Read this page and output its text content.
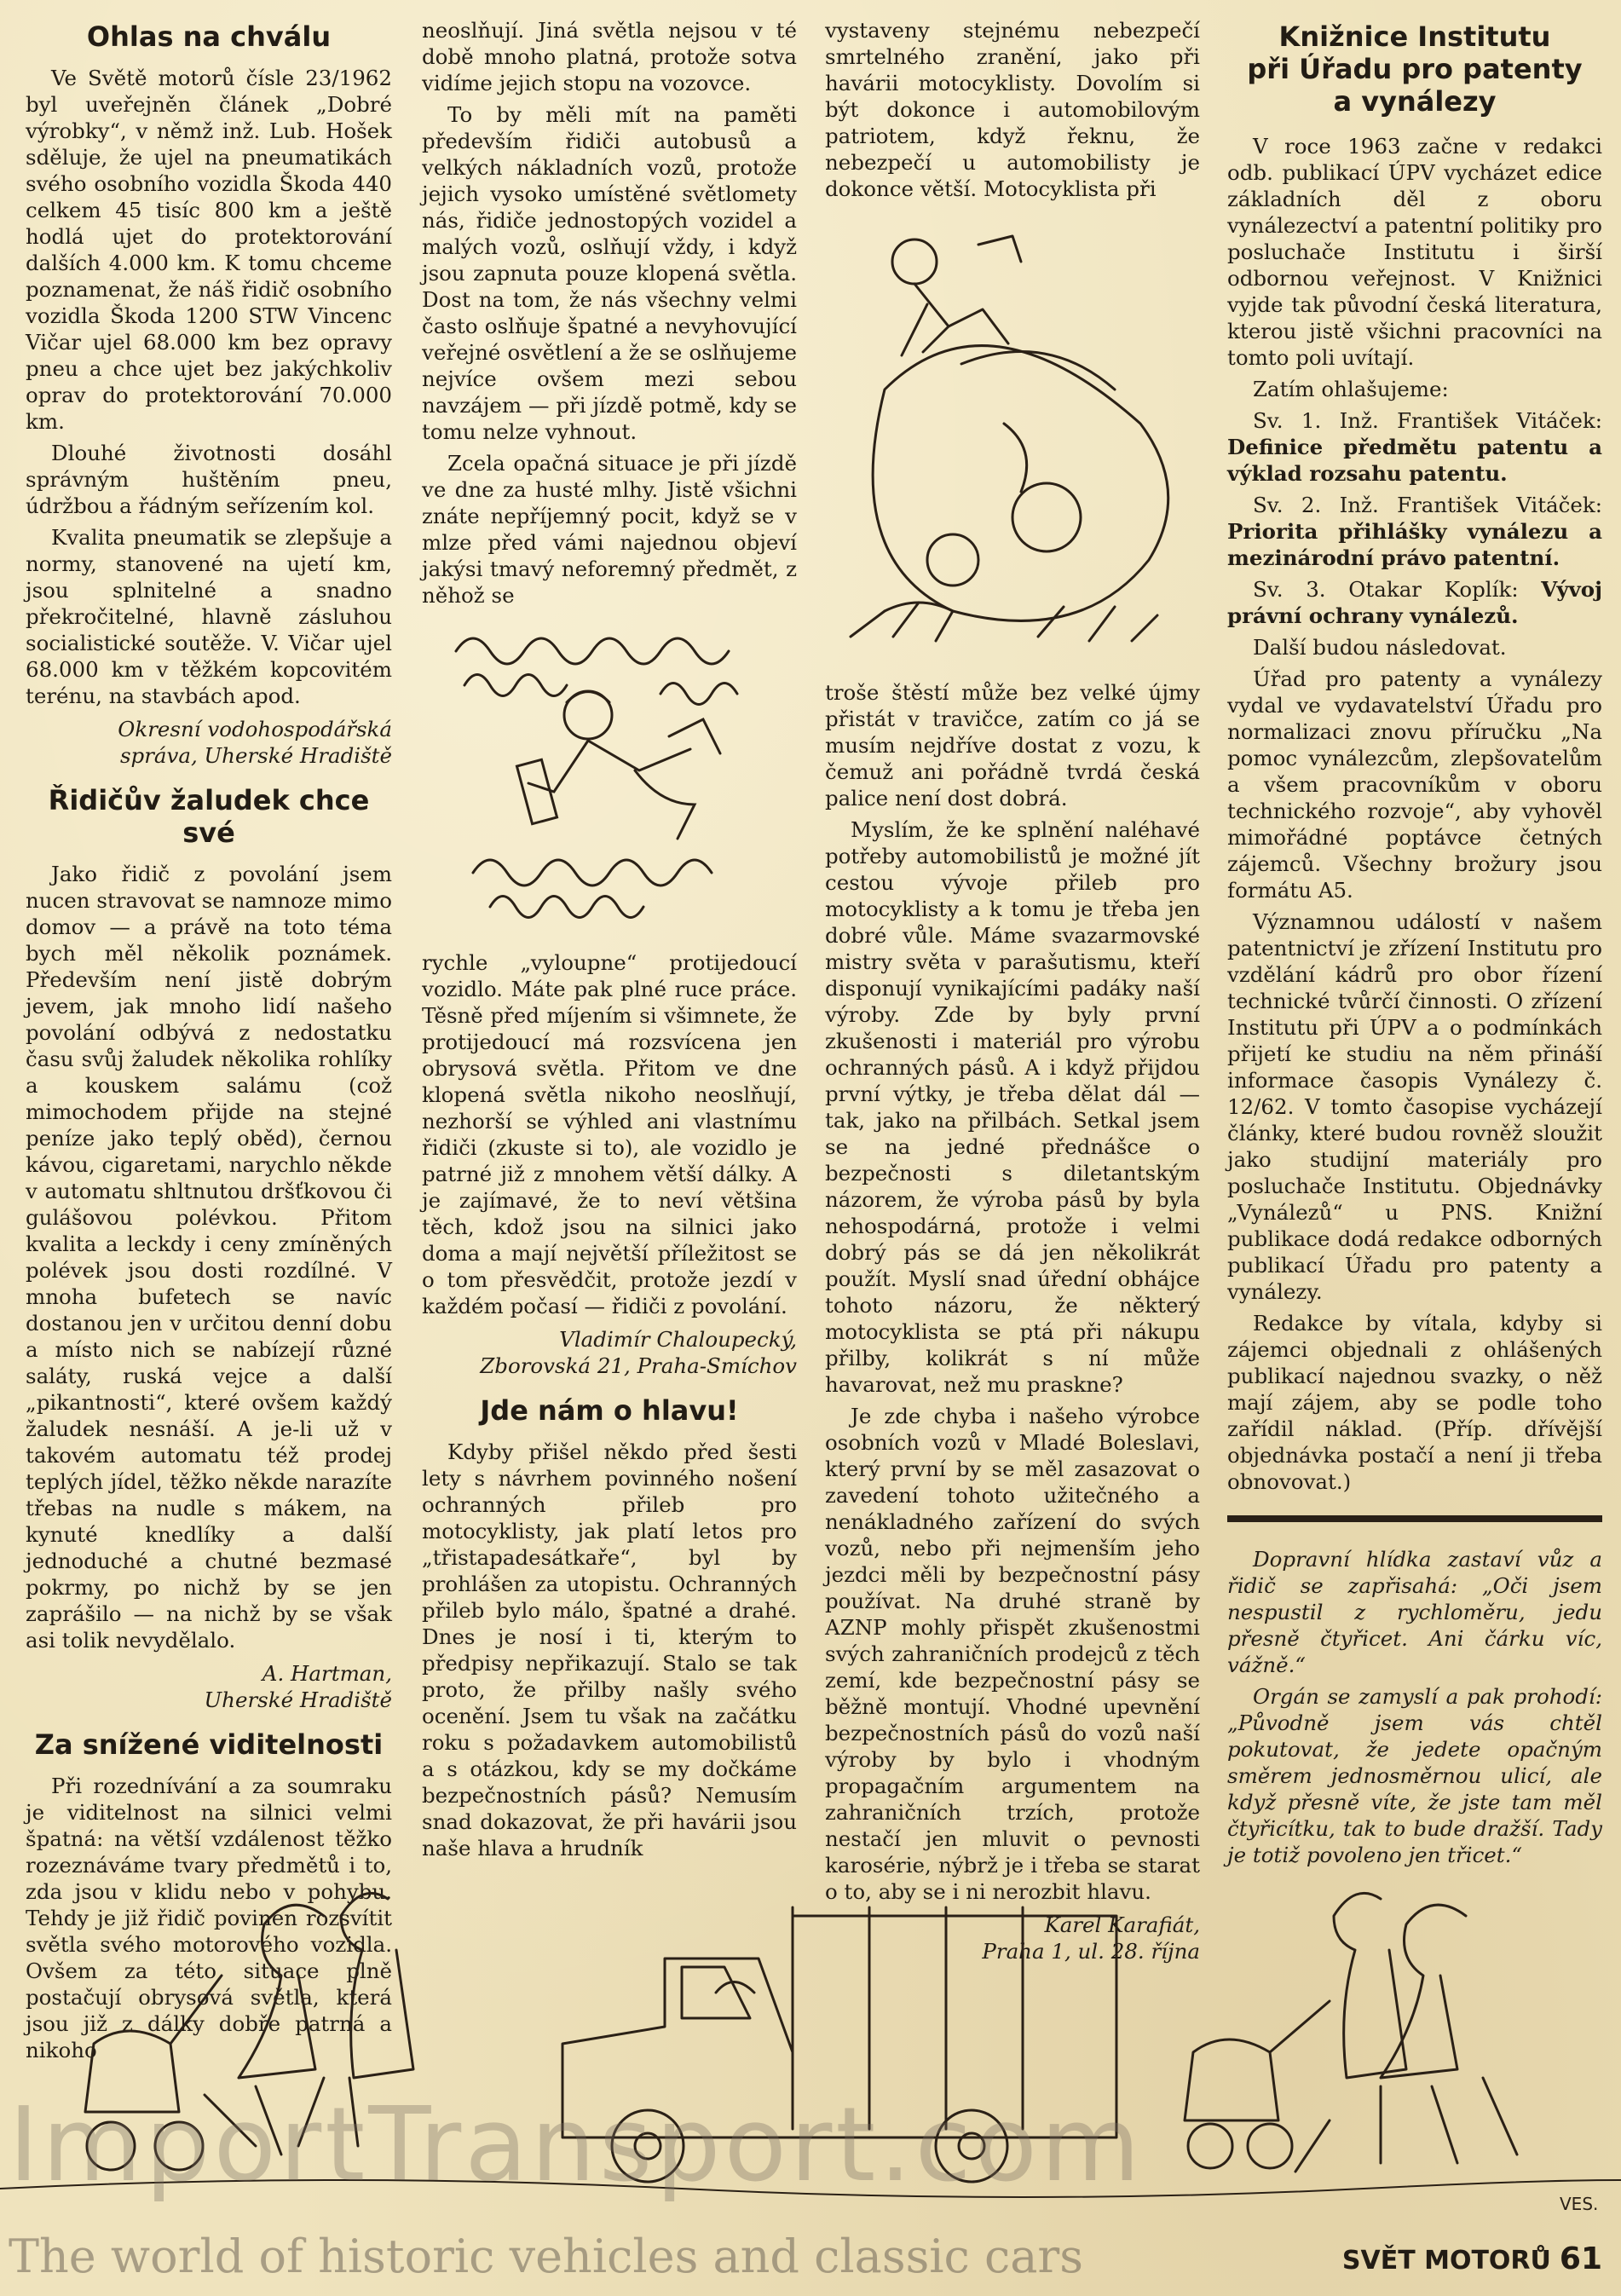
Ohlas na chválu

Ve Světě motorů čísle 23/1962 byl uveřejněn článek „Dobré výrobky“, v němž inž. Lub. Hošek sděluje, že ujel na pneumatikách svého osobního vozidla Škoda 440 celkem 45 tisíc 800 km a ještě hodlá ujet do protektorování dalších 4.000 km. K tomu chceme poznamenat, že náš řidič osobního vozidla Škoda 1200 STW Vincenc Vičar ujel 68.000 km bez opravy pneu a chce ujet bez jakýchkoliv oprav do protektorování 70.000 km.

Dlouhé životnosti dosáhl správným huštěním pneu, údržbou a řádným seřízením kol.

Kvalita pneumatik se zlepšuje a normy, stanovené na ujetí km, jsou splnitelné a snadno překročitelné, hlavně zásluhou socialistické soutěže. V. Vičar ujel 68.000 km v těžkém kopcovitém terénu, na stavbách apod.

Okresní vodohospodářská
správa, Uherské Hradiště

Řidičův žaludek chce své

Jako řidič z povolání jsem nucen stravovat se namnoze mimo domov — a právě na toto téma bych měl několik poznámek. Především není jistě dobrým jevem, jak mnoho lidí našeho povolání odbývá z nedostatku času svůj žaludek několika rohlíky a kouskem salámu (což mimochodem přijde na stejné peníze jako teplý oběd), černou kávou, cigaretami, narychlo někde v automatu shltnutou dršťkovou či gulášovou polévkou. Přitom kvalita a leckdy i ceny zmíněných polévek jsou dosti rozdílné. V mnoha bufetech se navíc dostanou jen v určitou denní dobu a místo nich se nabízejí různé saláty, ruská vejce a další „pikantnosti“, které ovšem každý žaludek nesnáší. A je-li už v takovém automatu též prodej teplých jídel, těžko někde narazíte třebas na nudle s mákem, na kynuté knedlíky a další jednoduché a chutné bezmasé pokrmy, po nichž by se jen zaprášilo — na nichž by se však asi tolik nevydělalo.

A. Hartman,
Uherské Hradiště

Za snížené viditelnosti

Při rozednívání a za soumraku je viditelnost na silnici velmi špatná: na větší vzdálenost těžko rozeznáváme tvary předmětů i to, zda jsou v klidu nebo v pohybu. Tehdy je již řidič povinen rozsvítit světla svého motorového vozidla. Ovšem za této situace plně postačují obrysová světla, která jsou již z dálky dobře patrná a nikoho

neoslňují. Jiná světla nejsou v té době mnoho platná, protože sotva vidíme jejich stopu na vozovce.

To by měli mít na paměti především řidiči autobusů a velkých nákladních vozů, protože jejich vysoko umístěné světlomety nás, řidiče jednostopých vozidel a malých vozů, oslňují vždy, i když jsou zapnuta pouze klopená světla. Dost na tom, že nás všechny velmi často oslňuje špatné a nevyhovující veřejné osvětlení a že se oslňujeme nejvíce ovšem mezi sebou navzájem — při jízdě potmě, kdy se tomu nelze vyhnout.

Zcela opačná situace je při jízdě ve dne za husté mlhy. Jistě všichni znáte nepříjemný pocit, když se v mlze před vámi najednou objeví jakýsi tmavý neforemný předmět, z něhož se

rychle „vyloupne“ protijedoucí vozidlo. Máte pak plné ruce práce. Těsně před míjením si všimnete, že protijedoucí má rozsvícena jen obrysová světla. Přitom ve dne klopená světla nikoho neoslňují, nezhorší se výhled ani vlastnímu řidiči (zkuste si to), ale vozidlo je patrné již z mnohem větší dálky. A je zajímavé, že to neví většina těch, kdož jsou na silnici jako doma a mají největší příležitost se o tom přesvědčit, protože jezdí v každém počasí — řidiči z povolání.

Vladimír Chaloupecký,
Zborovská 21, Praha-Smíchov

Jde nám o hlavu!

Kdyby přišel někdo před šesti lety s návrhem povinného nošení ochranných přileb pro motocyklisty, jak platí letos pro „třistapadesátkaře“, byl by prohlášen za utopistu. Ochranných přileb bylo málo, špatné a drahé. Dnes je nosí i ti, kterým to předpisy nepřikazují. Stalo se tak proto, že přilby našly svého ocenění. Jsem tu však na začátku roku s požadavkem automobilistů a s otázkou, kdy se my dočkáme bezpečnostních pásů? Nemusím snad dokazovat, že při havárii jsou naše hlava a hrudník

vystaveny stejnému nebezpečí smrtelného zranění, jako při havárii motocyklisty. Dovolím si být dokonce i automobilovým patriotem, když řeknu, že nebezpečí u automobilisty je dokonce větší. Motocyklista při

troše štěstí může bez velké újmy přistát v travičce, zatím co já se musím nejdříve dostat z vozu, k čemuž ani pořádně tvrdá česká palice není dost dobrá.

Myslím, že ke splnění naléhavé potřeby automobilistů je možné jít cestou vývoje přileb pro motocyklisty a k tomu je třeba jen dobré vůle. Máme svazarmovské mistry světa v parašutismu, kteří disponují vynikajícími padáky naší výroby. Zde by byly první zkušenosti i materiál pro výrobu ochranných pásů. A i když přijdou první výtky, je třeba dělat dál — tak, jako na přilbách. Setkal jsem se na jedné přednášce o bezpečnosti s diletantským názorem, že výroba pásů by byla nehospodárná, protože i velmi dobrý pás se dá jen několikrát použít. Myslí snad úřední obhájce tohoto názoru, že některý motocyklista se ptá při nákupu přilby, kolikrát s ní může havarovat, než mu praskne?

Je zde chyba i našeho výrobce osobních vozů v Mladé Boleslavi, který první by se měl zasazovat o zavedení tohoto užitečného a nenákladného zařízení do svých vozů, nebo při nejmenším jeho jezdci měli by bezpečnostní pásy používat. Na druhé straně by AZNP mohly přispět zkušenostmi svých zahraničních prodejců z těch zemí, kde bezpečnostní pásy se běžně montují. Vhodné upevnění bezpečnostních pásů do vozů naší výroby by bylo i vhodným propagačním argumentem na zahraničních trzích, protože nestačí jen mluvit o pevnosti karosérie, nýbrž je i třeba se starat o to, aby se i ni nerozbit hlavu.

Karel Karafiát,
Praha 1, ul. 28. října

Knižnice Institutu
při Úřadu pro patenty
a vynálezy

V roce 1963 začne v redakci odb. publikací ÚPV vycházet edice základních děl z oboru vynálezectví a patentní politiky pro posluchače Institutu i širší odbornou veřejnost. V Knižnici vyjde tak původní česká literatura, kterou jistě všichni pracovníci na tomto poli uvítají.

Zatím ohlašujeme:

Sv. 1. Inž. František Vitáček: Definice předmětu patentu a výklad rozsahu patentu.

Sv. 2. Inž. František Vitáček: Priorita přihlášky vynálezu a mezinárodní právo patentní.

Sv. 3. Otakar Koplík: Vývoj právní ochrany vynálezů.

Další budou následovat.

Úřad pro patenty a vynálezy vydal ve vydavatelství Úřadu pro normalizaci znovu příručku „Na pomoc vynálezcům, zlepšovatelům a všem pracovníkům v oboru technického rozvoje“, aby vyhověl mimořádné poptávce četných zájemců. Všechny brožury jsou formátu A5.

Významnou událostí v našem patentnictví je zřízení Institutu pro vzdělání kádrů pro obor řízení technické tvůrčí činnosti. O zřízení Institutu při ÚPV a o podmínkách přijetí ke studiu na něm přináší informace časopis Vynálezy č. 12/62. V tomto časopise vycházejí články, které budou rovněž sloužit jako studijní materiály pro posluchače Institutu. Objednávky „Vynálezů“ u PNS. Knižní publikace dodá redakce odborných publikací Úřadu pro patenty a vynálezy.

Redakce by vítala, kdyby si zájemci objednali z ohlášených publikací najednou svazky, o něž mají zájem, aby se podle toho zařídil náklad. (Příp. dřívější objednávka postačí a není ji třeba obnovovat.)

Dopravní hlídka zastaví vůz a řidič se zapřisahá: „Oči jsem nespustil z rychloměru, jedu přesně čtyřicet. Ani čárku víc, vážně.“

Orgán se zamyslí a pak prohodí: „Původně jsem vás chtěl pokutovat, že jedete opačným směrem jednosměrnou ulicí, ale když přesně víte, že jste tam měl čtyřicítku, tak to bude dražší. Tady je totiž povoleno jen třicet.“

VES.
ImportTransport.com
The world of historic vehicles and classic cars	SVĚT MOTORŮ 61
